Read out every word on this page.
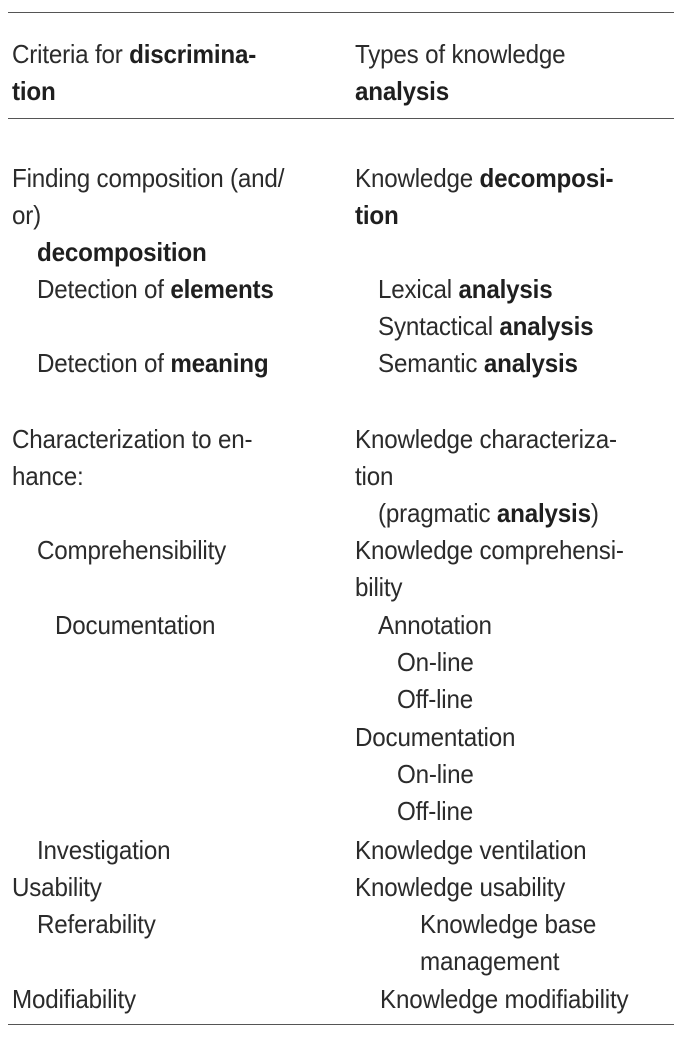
Criteria for discrimina-
tion
Types of knowledge
analysis
Finding composition (and/
or)
decomposition
Detection of elements
Detection of meaning
Characterization to en-
hance:
Comprehensibility
Documentation
Investigation
Usability
Referability
Modifiability
Knowledge decomposi-
tion
Lexical analysis
Syntactical analysis
Semantic analysis
Knowledge characteriza-
tion
(pragmatic analysis)
Knowledge comprehensi-
bility
Annotation
On-line
Off-line
Documentation
On-line
Off-line
Knowledge ventilation
Knowledge usability
Knowledge base
management
Knowledge modifiability
